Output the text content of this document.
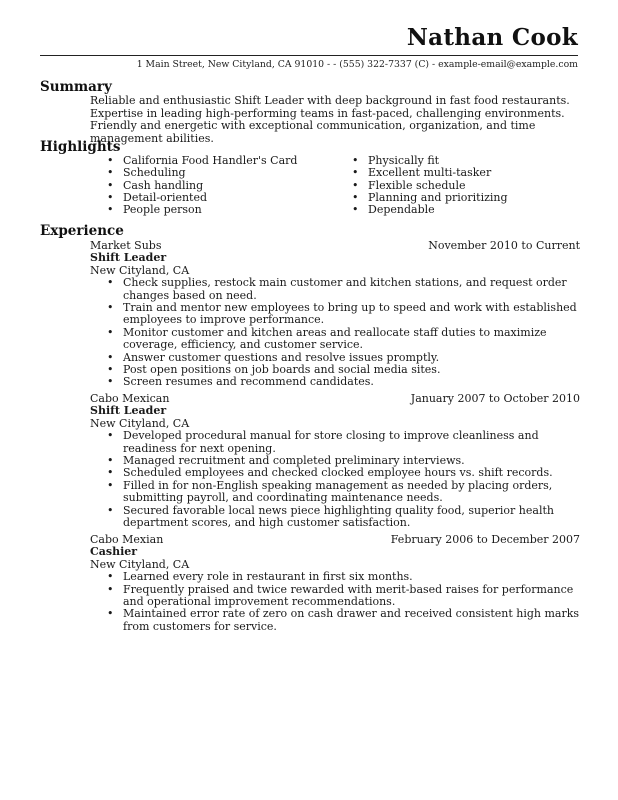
Nathan Cook
1 Main Street, New Cityland, CA 91010 - - (555) 322-7337 (C) - example-email@example.com
Summary
Reliable and enthusiastic Shift Leader with deep background in fast food restaurants. Expertise in leading high-performing teams in fast-paced, challenging environments. Friendly and energetic with exceptional communication, organization, and time management abilities.
Highlights
• California Food Handler's Card
• Scheduling
• Cash handling
• Detail-oriented
• People person
• Physically fit
• Excellent multi-tasker
• Flexible schedule
• Planning and prioritizing
• Dependable
Experience
Market Subs	November 2010 to Current
Shift Leader
New Cityland, CA
• Check supplies, restock main customer and kitchen stations, and request order changes based on need.
• Train and mentor new employees to bring up to speed and work with established employees to improve performance.
• Monitor customer and kitchen areas and reallocate staff duties to maximize coverage, efficiency, and customer service.
• Answer customer questions and resolve issues promptly.
• Post open positions on job boards and social media sites.
• Screen resumes and recommend candidates.
Cabo Mexican	January 2007 to October 2010
Shift Leader
New Cityland, CA
• Developed procedural manual for store closing to improve cleanliness and readiness for next opening.
• Managed recruitment and completed preliminary interviews.
• Scheduled employees and checked clocked employee hours vs. shift records.
• Filled in for non-English speaking management as needed by placing orders, submitting payroll, and coordinating maintenance needs.
• Secured favorable local news piece highlighting quality food, superior health department scores, and high customer satisfaction.
Cabo Mexian	February 2006 to December 2007
Cashier
New Cityland, CA
• Learned every role in restaurant in first six months.
• Frequently praised and twice rewarded with merit-based raises for performance and operational improvement recommendations.
• Maintained error rate of zero on cash drawer and received consistent high marks from customers for service.
